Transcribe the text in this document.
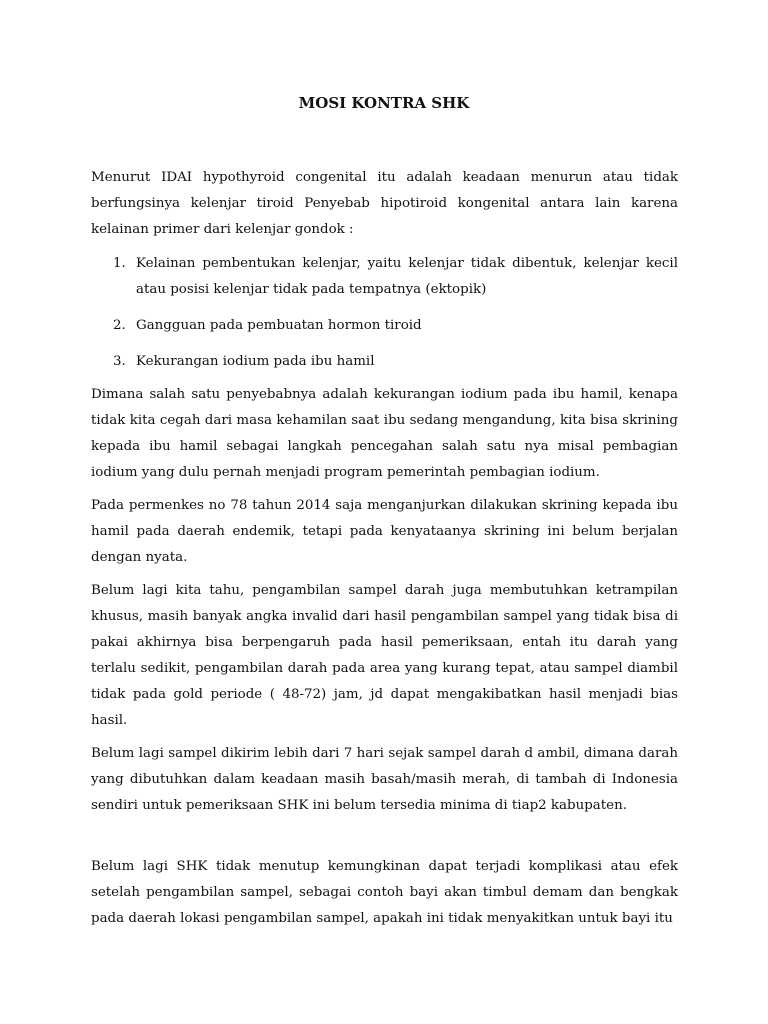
MOSI KONTRA SHK

Menurut IDAI hypothyroid congenital itu adalah keadaan menurun atau tidak berfungsinya kelenjar tiroid Penyebab hipotiroid kongenital antara lain karena kelainan primer dari kelenjar gondok :

1. Kelainan pembentukan kelenjar, yaitu kelenjar tidak dibentuk, kelenjar kecil atau posisi kelenjar tidak pada tempatnya (ektopik)
2. Gangguan pada pembuatan hormon tiroid
3. Kekurangan iodium pada ibu hamil

Dimana salah satu penyebabnya adalah kekurangan iodium pada ibu hamil, kenapa tidak kita cegah dari masa kehamilan saat ibu sedang mengandung, kita bisa skrining kepada ibu hamil sebagai langkah pencegahan salah satu nya misal pembagian iodium yang dulu pernah menjadi program pemerintah pembagian iodium.

Pada permenkes no 78 tahun 2014 saja menganjurkan dilakukan skrining kepada ibu hamil pada daerah endemik, tetapi pada kenyataanya skrining ini belum berjalan dengan nyata.

Belum lagi kita tahu, pengambilan sampel darah juga membutuhkan ketrampilan khusus, masih banyak angka invalid dari hasil pengambilan sampel yang tidak bisa di pakai akhirnya bisa berpengaruh pada hasil pemeriksaan, entah itu darah yang terlalu sedikit, pengambilan darah pada area yang kurang tepat, atau sampel diambil tidak pada gold periode ( 48-72) jam, jd dapat mengakibatkan hasil menjadi bias hasil.

Belum lagi sampel dikirim lebih dari 7 hari sejak sampel darah d ambil, dimana darah yang dibutuhkan dalam keadaan masih basah/masih merah, di tambah di Indonesia sendiri untuk pemeriksaan SHK ini belum tersedia minima di tiap2 kabupaten.

Belum lagi SHK tidak menutup kemungkinan dapat terjadi komplikasi atau efek setelah pengambilan sampel, sebagai contoh bayi akan timbul demam dan bengkak pada daerah lokasi pengambilan sampel, apakah ini tidak menyakitkan untuk bayi itu
